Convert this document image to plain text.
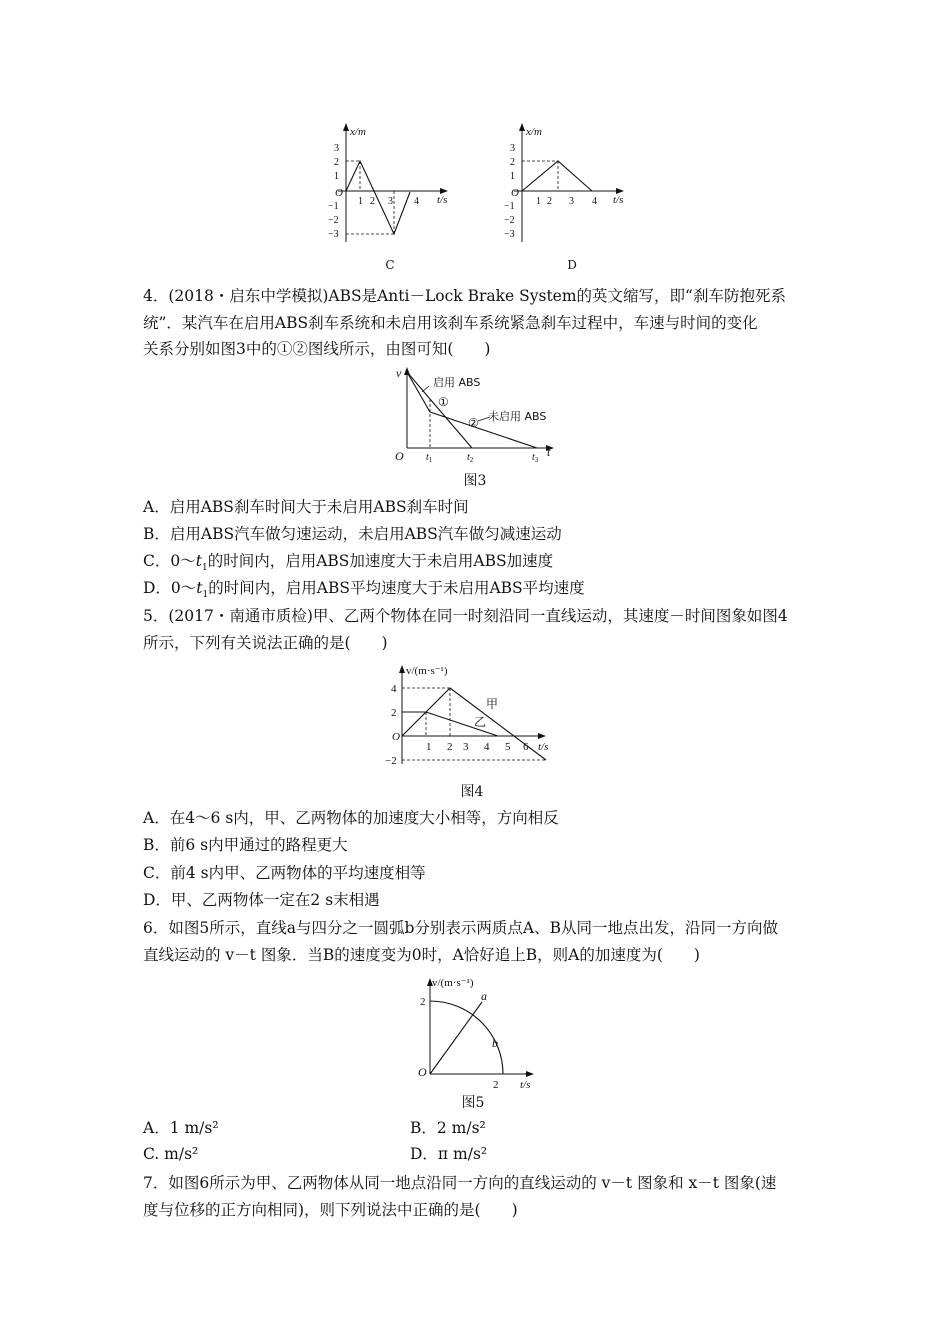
x/m
t/s
O
3
2
1
−1
−2
−3
1 2 3 4
C
x/m
t/s
O
3
2
1
−1
−2
−3
1 2 3 4
D
4．(2018・启东中学模拟)ABS是Anti－Lock Brake System的英文缩写，即“刹车防抱死系
统”．某汽车在启用ABS刹车系统和未启用该刹车系统紧急刹车过程中，车速与时间的变化
关系分别如图3中的①②图线所示，由图可知(　　)
v
t
O
启用 ABS
①
② 未启用 ABS
$t_1$	$t_2$	$t_3$
图3
A．启用ABS刹车时间大于未启用ABS刹车时间
B．启用ABS汽车做匀速运动，未启用ABS汽车做匀减速运动
C．$0\sim t_1$的时间内，启用ABS加速度大于未启用ABS加速度
D．$0\sim t_1$的时间内，启用ABS平均速度大于未启用ABS平均速度
5．(2017・南通市质检)甲、乙两个物体在同一时刻沿同一直线运动，其速度－时间图象如图4
所示，下列有关说法正确的是(　　)
v/(m·s⁻¹)
t/s
O
4
2
−2
1 2 3 4 5 6
甲
乙
图4
A．在4～6 s内，甲、乙两物体的加速度大小相等，方向相反
B．前6 s内甲通过的路程更大
C．前4 s内甲、乙两物体的平均速度相等
D．甲、乙两物体一定在2 s末相遇
6．如图5所示，直线a与四分之一圆弧b分别表示两质点A、B从同一地点出发，沿同一方向做
直线运动的 v－t 图象．当B的速度变为0时，A恰好追上B，则A的加速度为(　　)
v/(m·s⁻¹)
t/s
O
2
2
a
b
图5
A．1 m/s²	B．2 m/s²
C. m/s²	D．π m/s²
7．如图6所示为甲、乙两物体从同一地点沿同一方向的直线运动的 v－t 图象和 x－t 图象(速
度与位移的正方向相同)，则下列说法中正确的是(　　)
